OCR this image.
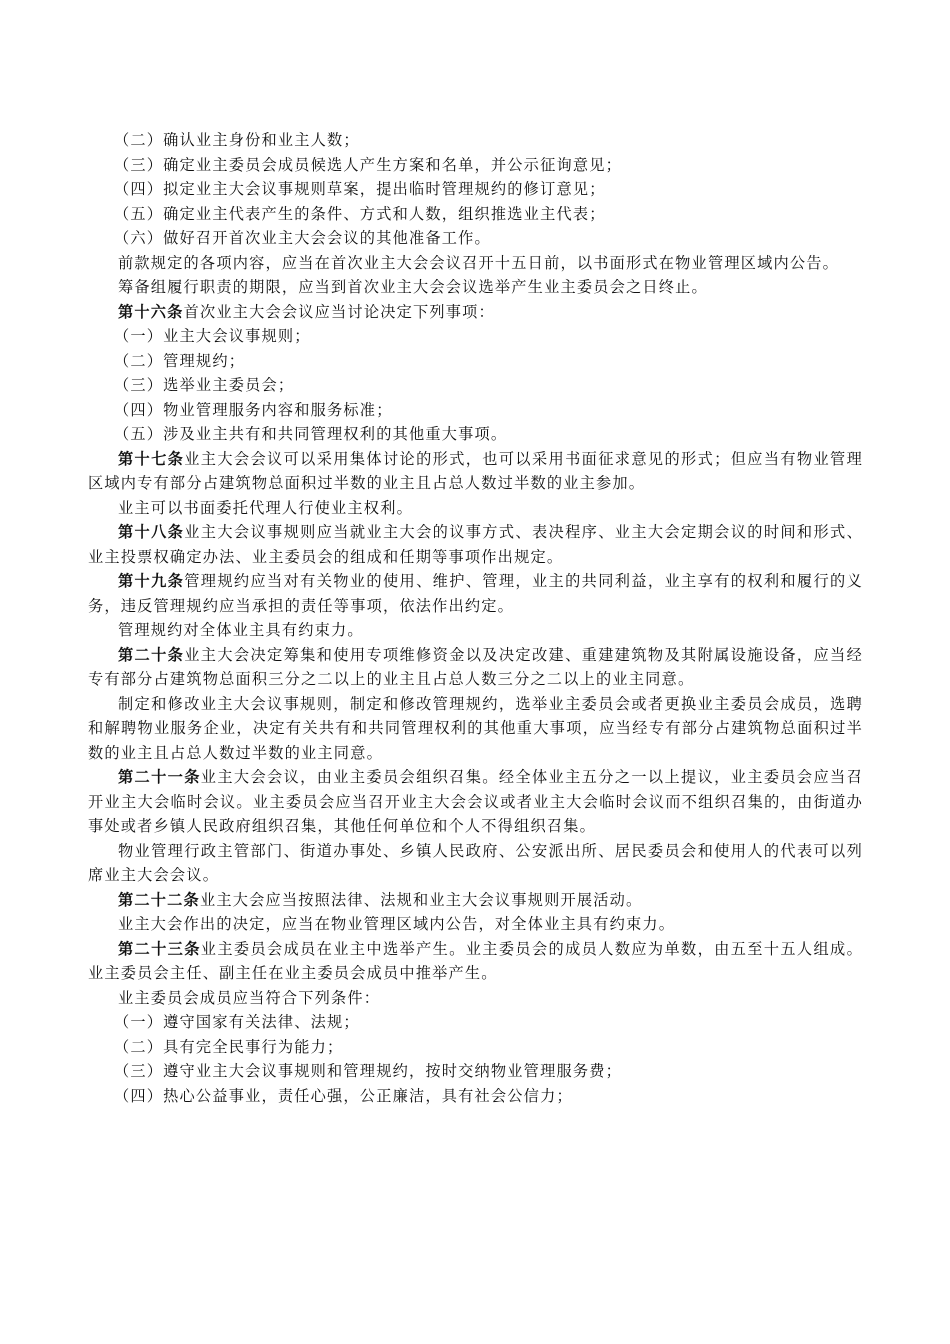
（二）确认业主身份和业主人数；

（三）确定业主委员会成员候选人产生方案和名单，并公示征询意见；

（四）拟定业主大会议事规则草案，提出临时管理规约的修订意见；

（五）确定业主代表产生的条件、方式和人数，组织推选业主代表；

（六）做好召开首次业主大会会议的其他准备工作。

前款规定的各项内容，应当在首次业主大会会议召开十五日前，以书面形式在物业管理区域内公告。

筹备组履行职责的期限，应当到首次业主大会会议选举产生业主委员会之日终止。

第十六条首次业主大会会议应当讨论决定下列事项：

（一）业主大会议事规则；

（二）管理规约；

（三）选举业主委员会；

（四）物业管理服务内容和服务标准；

（五）涉及业主共有和共同管理权利的其他重大事项。

第十七条业主大会会议可以采用集体讨论的形式，也可以采用书面征求意见的形式；但应当有物业管理区域内专有部分占建筑物总面积过半数的业主且占总人数过半数的业主参加。

业主可以书面委托代理人行使业主权利。

第十八条业主大会议事规则应当就业主大会的议事方式、表决程序、业主大会定期会议的时间和形式、业主投票权确定办法、业主委员会的组成和任期等事项作出规定。

第十九条管理规约应当对有关物业的使用、维护、管理，业主的共同利益，业主享有的权利和履行的义务，违反管理规约应当承担的责任等事项，依法作出约定。

管理规约对全体业主具有约束力。

第二十条业主大会决定筹集和使用专项维修资金以及决定改建、重建建筑物及其附属设施设备，应当经专有部分占建筑物总面积三分之二以上的业主且占总人数三分之二以上的业主同意。

制定和修改业主大会议事规则，制定和修改管理规约，选举业主委员会或者更换业主委员会成员，选聘和解聘物业服务企业，决定有关共有和共同管理权利的其他重大事项，应当经专有部分占建筑物总面积过半数的业主且占总人数过半数的业主同意。

第二十一条业主大会会议，由业主委员会组织召集。经全体业主五分之一以上提议，业主委员会应当召开业主大会临时会议。业主委员会应当召开业主大会会议或者业主大会临时会议而不组织召集的，由街道办事处或者乡镇人民政府组织召集，其他任何单位和个人不得组织召集。

物业管理行政主管部门、街道办事处、乡镇人民政府、公安派出所、居民委员会和使用人的代表可以列席业主大会会议。

第二十二条业主大会应当按照法律、法规和业主大会议事规则开展活动。

业主大会作出的决定，应当在物业管理区域内公告，对全体业主具有约束力。

第二十三条业主委员会成员在业主中选举产生。业主委员会的成员人数应为单数，由五至十五人组成。业主委员会主任、副主任在业主委员会成员中推举产生。

业主委员会成员应当符合下列条件：

（一）遵守国家有关法律、法规；

（二）具有完全民事行为能力；

（三）遵守业主大会议事规则和管理规约，按时交纳物业管理服务费；

（四）热心公益事业，责任心强，公正廉洁，具有社会公信力；
